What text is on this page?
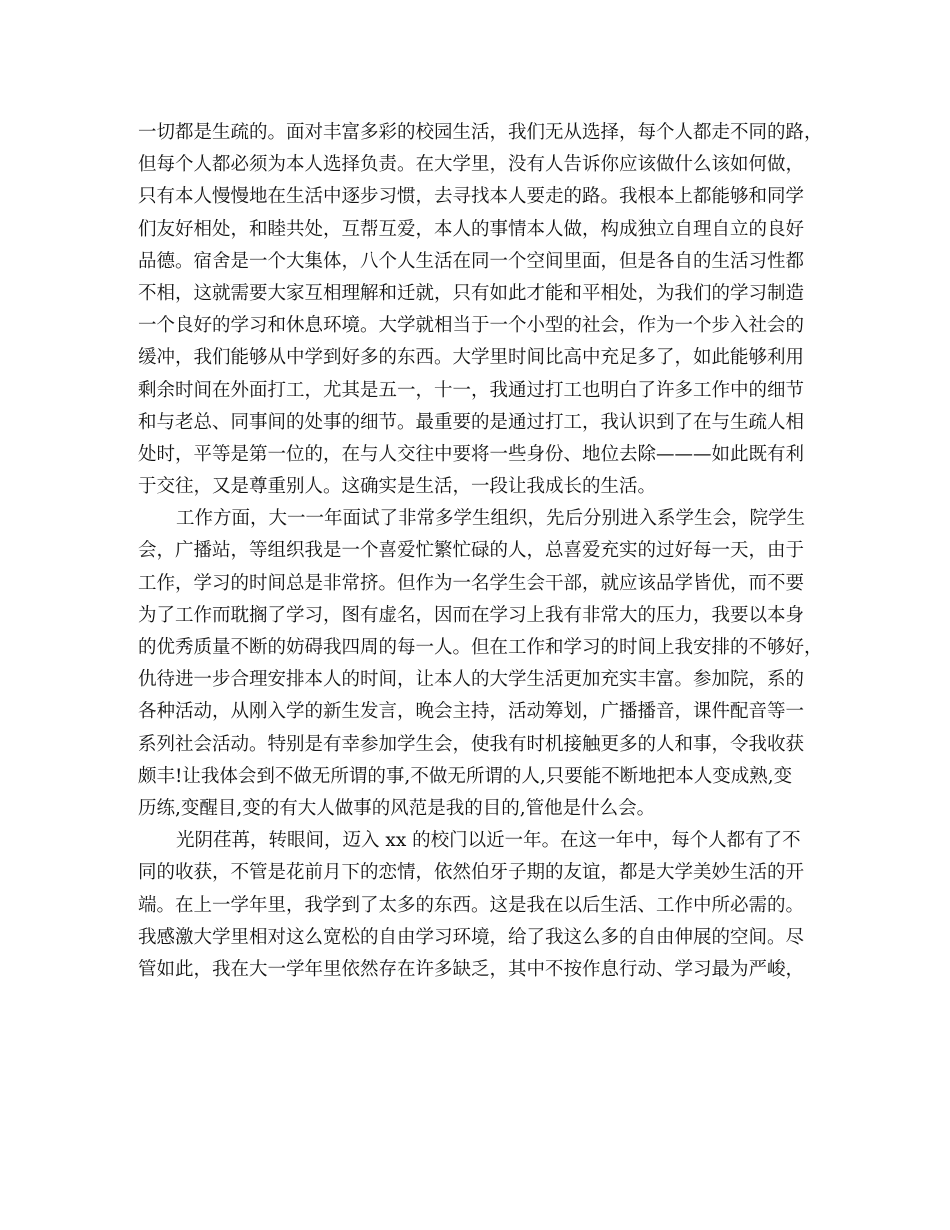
一切都是生疏的。面对丰富多彩的校园生活，我们无从选择，每个人都走不同的路，
但每个人都必须为本人选择负责。在大学里，没有人告诉你应该做什么该如何做，
只有本人慢慢地在生活中逐步习惯，去寻找本人要走的路。我根本上都能够和同学
们友好相处，和睦共处，互帮互爱，本人的事情本人做，构成独立自理自立的良好
品德。宿舍是一个大集体，八个人生活在同一个空间里面，但是各自的生活习性都
不相，这就需要大家互相理解和迁就，只有如此才能和平相处，为我们的学习制造
一个良好的学习和休息环境。大学就相当于一个小型的社会，作为一个步入社会的
缓冲，我们能够从中学到好多的东西。大学里时间比高中充足多了，如此能够利用
剩余时间在外面打工，尤其是五一，十一，我通过打工也明白了许多工作中的细节
和与老总、同事间的处事的细节。最重要的是通过打工，我认识到了在与生疏人相
处时，平等是第一位的，在与人交往中要将一些身份、地位去除———如此既有利
于交往，又是尊重别人。这确实是生活，一段让我成长的生活。
工作方面，大一一年面试了非常多学生组织，先后分别进入系学生会，院学生
会，广播站，等组织我是一个喜爱忙繁忙碌的人，总喜爱充实的过好每一天，由于
工作，学习的时间总是非常挤。但作为一名学生会干部，就应该品学皆优，而不要
为了工作而耽搁了学习，图有虚名，因而在学习上我有非常大的压力，我要以本身
的优秀质量不断的妨碍我四周的每一人。但在工作和学习的时间上我安排的不够好，
仇待进一步合理安排本人的时间，让本人的大学生活更加充实丰富。参加院，系的
各种活动，从刚入学的新生发言，晚会主持，活动筹划，广播播音，课件配音等一
系列社会活动。特别是有幸参加学生会，使我有时机接触更多的人和事，令我收获
颇丰!让我体会到不做无所谓的事,不做无所谓的人,只要能不断地把本人变成熟,变
历练,变醒目,变的有大人做事的风范是我的目的,管他是什么会。
光阴荏苒，转眼间，迈入 xx 的校门以近一年。在这一年中，每个人都有了不
同的收获，不管是花前月下的恋情，依然伯牙子期的友谊，都是大学美妙生活的开
端。在上一学年里，我学到了太多的东西。这是我在以后生活、工作中所必需的。
我感激大学里相对这么宽松的自由学习环境，给了我这么多的自由伸展的空间。尽
管如此，我在大一学年里依然存在许多缺乏，其中不按作息行动、学习最为严峻，
